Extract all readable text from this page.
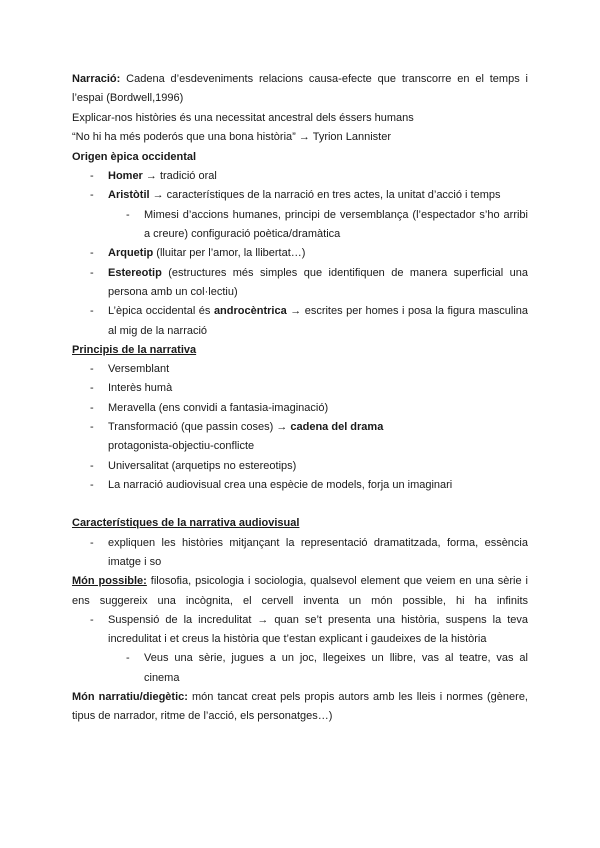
Narració: Cadena d’esdeveniments relacions causa-efecte que transcorre en el temps i
l’espai (Bordwell,1996)
Explicar-nos històries és una necessitat ancestral dels éssers humans
“No hi ha més poderós que una bona història” → Tyrion Lannister
Origen èpica occidental
- Homer → tradició oral
- Aristòtil → característiques de la narració en tres actes, la unitat d’acció i temps
- Mimesi d’accions humanes, principi de versemblança (l’espectador s’ho arribi
a creure) configuració poètica/dramàtica
- Arquetip (lluitar per l’amor, la llibertat…)
- Estereotip (estructures més simples que identifiquen de manera superficial una
persona amb un col·lectiu)
- L’èpica occidental és androcèntrica → escrites per homes i posa la figura masculina
al mig de la narració
Principis de la narrativa
- Versemblant
- Interès humà
- Meravella (ens convidi a fantasia-imaginació)
- Transformació (que passin coses) → cadena del drama
protagonista-objectiu-conflicte
- Universalitat (arquetips no estereotips)
- La narració audiovisual crea una espècie de models, forja un imaginari
Característiques de la narrativa audiovisual
- expliquen les històries mitjançant la representació dramatitzada, forma, essència
imatge i so
Món possible: filosofia, psicologia i sociologia, qualsevol element que veiem en una sèrie i
ens suggereix una incògnita, el cervell inventa un món possible, hi ha infinits
- Suspensió de la incredulitat → quan se’t presenta una història, suspens la teva
incredulitat i et creus la història que t’estan explicant i gaudeixes de la història
- Veus una sèrie, jugues a un joc, llegeixes un llibre, vas al teatre, vas al
cinema
Món narratiu/diegètic: món tancat creat pels propis autors amb les lleis i normes (gènere,
tipus de narrador, ritme de l’acció, els personatges…)
